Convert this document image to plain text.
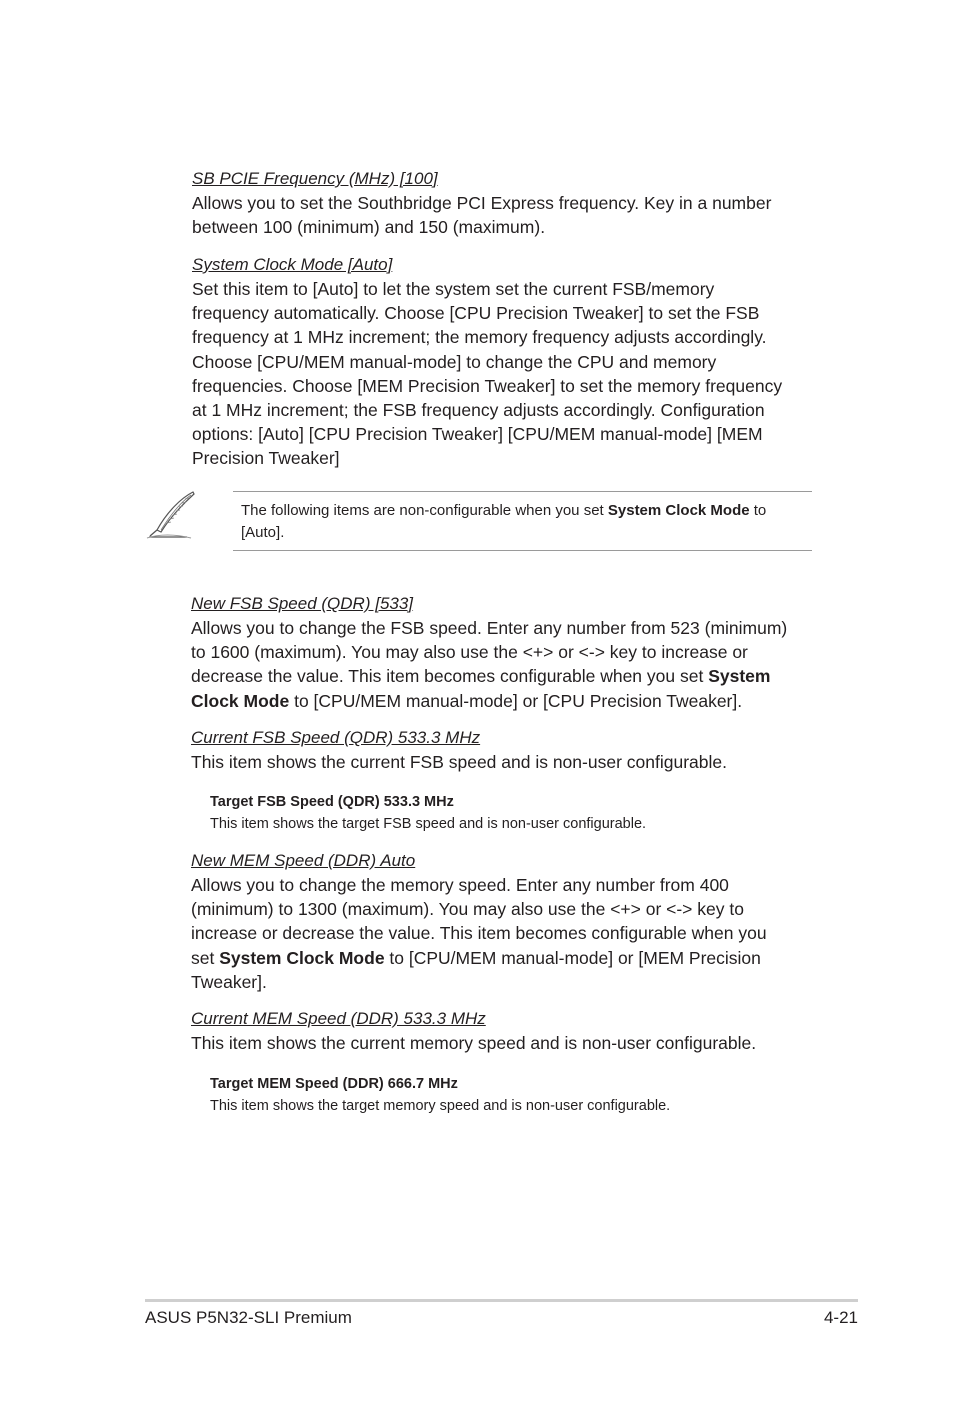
SB PCIE Frequency (MHz) [100]

Allows you to set the Southbridge PCI Express frequency. Key in a number

between 100 (minimum) and 150 (maximum).

System Clock Mode [Auto]

Set this item to [Auto] to let the system set the current FSB/memory

frequency automatically. Choose [CPU Precision Tweaker] to set the FSB

frequency at 1 MHz increment; the memory frequency adjusts accordingly.

Choose [CPU/MEM manual-mode] to change the CPU and memory

frequencies. Choose [MEM Precision Tweaker] to set the memory frequency

at 1 MHz increment; the FSB frequency adjusts accordingly. Configuration

options: [Auto] [CPU Precision Tweaker] [CPU/MEM manual-mode] [MEM

Precision Tweaker]

The following items are non-configurable when you set System Clock Mode to
[Auto].

New FSB Speed (QDR) [533]

Allows you to change the FSB speed. Enter any number from 523 (minimum)

to 1600 (maximum). You may also use the <+> or <-> key to increase or

decrease the value. This item becomes configurable when you set System

Clock Mode to [CPU/MEM manual-mode] or [CPU Precision Tweaker].

Current FSB Speed (QDR) 533.3 MHz

This item shows the current FSB speed and is non-user configurable.

Target FSB Speed (QDR) 533.3 MHz

This item shows the target FSB speed and is non-user configurable.

New MEM Speed (DDR) Auto

Allows you to change the memory speed. Enter any number from 400

(minimum) to 1300 (maximum). You may also use the <+> or <-> key to

increase or decrease the value. This item becomes configurable when you

set System Clock Mode to [CPU/MEM manual-mode] or [MEM Precision

Tweaker].

Current MEM Speed (DDR) 533.3 MHz

This item shows the current memory speed and is non-user configurable.

Target MEM Speed (DDR) 666.7 MHz

This item shows the target memory speed and is non-user configurable.

ASUS P5N32-SLI Premium	4-21
